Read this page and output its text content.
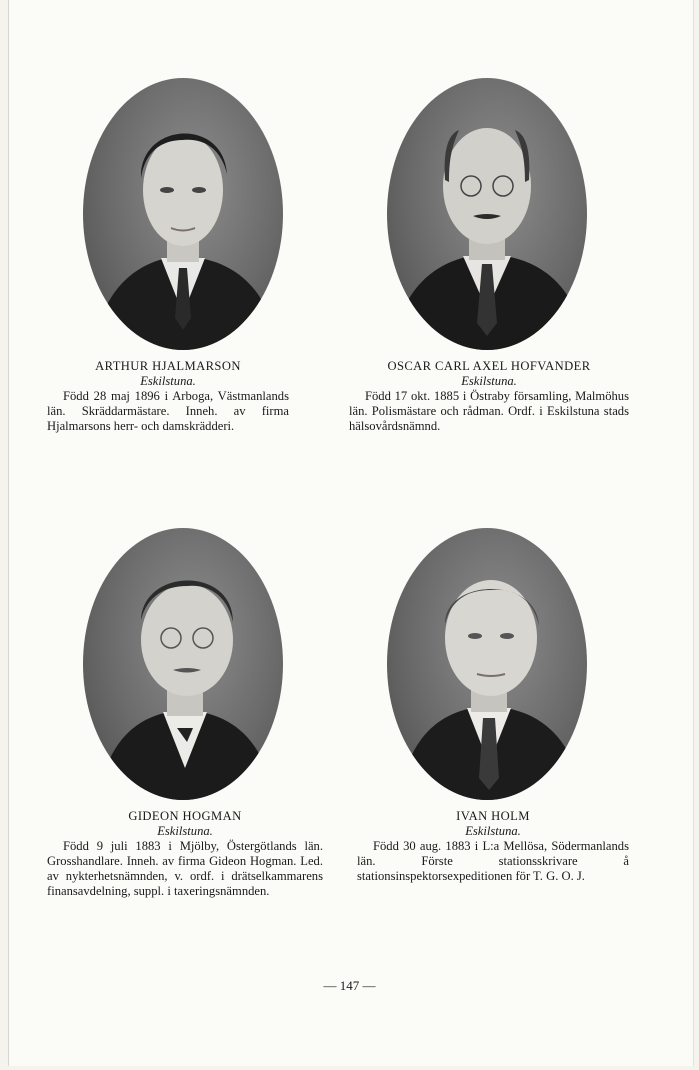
ARTHUR HJALMARSON
Eskilstuna.
Född 28 maj 1896 i Arboga, Västmanlands län. Skräddarmästare. Inneh. av firma Hjalmarsons herr- och damskrädderi.
OSCAR CARL AXEL HOFVANDER
Eskilstuna.
Född 17 okt. 1885 i Östraby församling, Malmöhus län. Polismästare och rådman. Ordf. i Eskilstuna stads hälsovårdsnämnd.
GIDEON HOGMAN
Eskilstuna.
Född 9 juli 1883 i Mjölby, Östergötlands län. Grosshandlare. Inneh. av firma Gideon Hogman. Led. av nykterhetsnämnden, v. ordf. i drätselkammarens finansavdelning, suppl. i taxeringsnämnden.
IVAN HOLM
Eskilstuna.
Född 30 aug. 1883 i L:a Mellösa, Södermanlands län. Förste stationsskrivare å stationsinspektorsexpeditionen för T. G. O. J.
— 147 —
